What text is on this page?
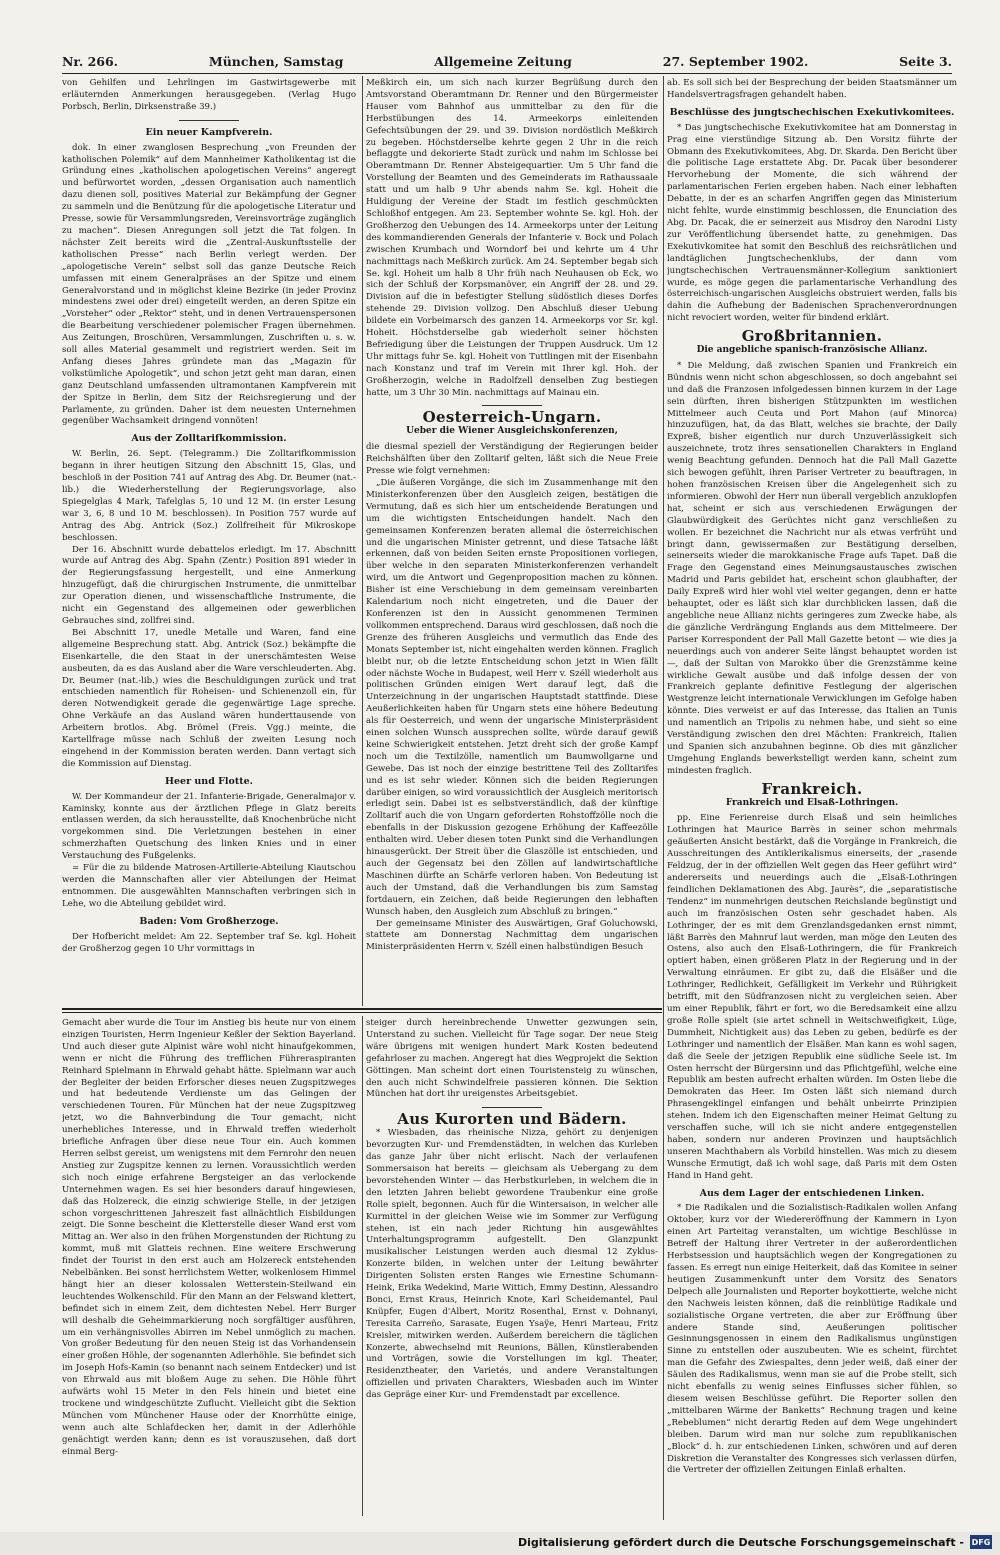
Nr. 266.	München, Samstag	Allgemeine Zeitung	27. September 1902.	Seite 3.

von Gehilfen und Lehrlingen im Gastwirtsgewerbe mit erläuternden Anmerkungen herausgegeben. (Verlag Hugo Porbsch, Berlin, Dirksenstraße 39.)

Ein neuer Kampfverein.

dok. In einer zwanglosen Besprechung „von Freunden der katholischen Polemik“ auf dem Mannheimer Katholikentag ist die Gründung eines „katholischen apologetischen Vereins“ angeregt und befürwortet worden, „dessen Organisation auch namentlich dazu dienen soll, positives Material zur Bekämpfung der Gegner zu sammeln und die Benützung für die apologetische Literatur und Presse, sowie für Versammlungsreden, Vereinsvorträge zugänglich zu machen“. Diesen Anregungen soll jetzt die Tat folgen. In nächster Zeit bereits wird die „Zentral-Auskunftsstelle der katholischen Presse“ nach Berlin verlegt werden. Der „apologetische Verein“ selbst soll das ganze Deutsche Reich umfassen mit einem Generalpräses an der Spitze und einem Generalvorstand und in möglichst kleine Bezirke (in jeder Provinz mindestens zwei oder drei) eingeteilt werden, an deren Spitze ein „Vorsteher“ oder „Rektor“ steht, und in denen Vertrauenspersonen die Bearbeitung verschiedener polemischer Fragen übernehmen. Aus Zeitungen, Broschüren, Versammlungen, Zuschriften u. s. w. soll alles Material gesammelt und registriert werden. Seit im Anfang dieses Jahres gründete man das „Magazin für volkstümliche Apologetik“, und schon jetzt geht man daran, einen ganz Deutschland umfassenden ultramontanen Kampfverein mit der Spitze in Berlin, dem Sitz der Reichsregierung und der Parlamente, zu gründen. Daher ist dem neuesten Unternehmen gegenüber Wachsamkeit dringend vonnöten!

Aus der Zolltarifkommission.

W. Berlin, 26. Sept. (Telegramm.) Die Zolltarifkommission begann in ihrer heutigen Sitzung den Abschnitt 15, Glas, und beschloß in der Position 741 auf Antrag des Abg. Dr. Beumer (nat.-lib.) die Wiederherstellung der Regierungsvorlage, also Spiegelglas 4 Mark, Tafelglas 5, 10 und 12 M. (in erster Lesung war 3, 6, 8 und 10 M. beschlossen). In Position 757 wurde auf Antrag des Abg. Antrick (Soz.) Zollfreiheit für Mikroskope beschlossen.

Der 16. Abschnitt wurde debattelos erledigt. Im 17. Abschnitt wurde auf Antrag des Abg. Spahn (Zentr.) Position 891 wieder in der Regierungsfassung hergestellt, und eine Anmerkung hinzugefügt, daß die chirurgischen Instrumente, die unmittelbar zur Operation dienen, und wissenschaftliche Instrumente, die nicht ein Gegenstand des allgemeinen oder gewerblichen Gebrauches sind, zollfrei sind.

Bei Abschnitt 17, unedle Metalle und Waren, fand eine allgemeine Besprechung statt. Abg. Antrick (Soz.) bekämpfte die Eisenkartelle, die den Staat in der unerschämtesten Weise ausbeuten, da es das Ausland aber die Ware verschleuderten. Abg. Dr. Beumer (nat.-lib.) wies die Beschuldigungen zurück und trat entschieden namentlich für Roheisen- und Schienenzoll ein, für deren Notwendigkeit gerade die gegenwärtige Lage spreche. Ohne Verkäufe an das Ausland wären hunderttausende von Arbeitern brotlos. Abg. Brömel (Freis. Vgg.) meinte, die Kartellfrage müsse nach Schluß der zweiten Lesung noch eingehend in der Kommission beraten werden. Dann vertagt sich die Kommission auf Dienstag.

Heer und Flotte.

W. Der Kommandeur der 21. Infanterie-Brigade, Generalmajor v. Kaminsky, konnte aus der ärztlichen Pflege in Glatz bereits entlassen werden, da sich herausstellte, daß Knochenbrüche nicht vorgekommen sind. Die Verletzungen bestehen in einer schmerzhaften Quetschung des linken Knies und in einer Verstauchung des Fußgelenks.

= Für die zu bildende Matrosen-Artillerie-Abteilung Kiautschou werden die Mannschaften aller vier Abteilungen der Heimat entnommen. Die ausgewählten Mannschaften verbringen sich in Lehe, wo die Abteilung gebildet wird.

Baden: Vom Großherzoge.

Der Hofbericht meldet: Am 22. September traf Se. kgl. Hoheit der Großherzog gegen 10 Uhr vormittags in

Meßkirch ein, um sich nach kurzer Begrüßung durch den Amtsvorstand Oberamtmann Dr. Renner und den Bürgermeister Hauser vom Bahnhof aus unmittelbar zu den für die Herbstübungen des 14. Armeekorps einleitenden Gefechtsübungen der 29. und 39. Division nordöstlich Meßkirch zu begeben. Höchstderselbe kehrte gegen 2 Uhr in die reich beflaggte und dekorierte Stadt zurück und nahm im Schlosse bei Oberamtmann Dr. Renner Absteigequartier. Um 5 Uhr fand die Vorstellung der Beamten und des Gemeinderats im Rathaussaale statt und um halb 9 Uhr abends nahm Se. kgl. Hoheit die Huldigung der Vereine der Stadt im festlich geschmückten Schloßhof entgegen. Am 23. September wohnte Se. kgl. Hoh. der Großherzog den Uebungen des 14. Armeekorps unter der Leitung des kommandierenden Generals der Infanterie v. Bock und Polach zwischen Krumbach und Worndorf bei und kehrte um 4 Uhr nachmittags nach Meßkirch zurück. Am 24. September begab sich Se. kgl. Hoheit um halb 8 Uhr früh nach Neuhausen ob Eck, wo sich der Schluß der Korpsmanöver, ein Angriff der 28. und 29. Division auf die in befestigter Stellung südöstlich dieses Dorfes stehende 29. Division vollzog. Den Abschluß dieser Uebung bildete ein Vorbeimarsch des ganzen 14. Armeekorps vor Sr. kgl. Hoheit. Höchstderselbe gab wiederholt seiner höchsten Befriedigung über die Leistungen der Truppen Ausdruck. Um 12 Uhr mittags fuhr Se. kgl. Hoheit von Tuttlingen mit der Eisenbahn nach Konstanz und traf im Verein mit Ihrer kgl. Hoh. der Großherzogin, welche in Radolfzell denselben Zug bestiegen hatte, um 3 Uhr 30 Min. nachmittags auf Mainau ein.

Oesterreich-Ungarn.
Ueber die Wiener Ausgleichskonferenzen,

die diesmal speziell der Verständigung der Regierungen beider Reichshälften über den Zolltarif gelten, läßt sich die Neue Freie Presse wie folgt vernehmen:

„Die äußeren Vorgänge, die sich im Zusammenhange mit den Ministerkonferenzen über den Ausgleich zeigen, bestätigen die Vermutung, daß es sich hier um entscheidende Beratungen und um die wichtigsten Entscheidungen handelt. Nach den gemeinsamen Konferenzen beraten allemal die österreichischen und die ungarischen Minister getrennt, und diese Tatsache läßt erkennen, daß von beiden Seiten ernste Propositionen vorliegen, über welche in den separaten Ministerkonferenzen verhandelt wird, um die Antwort und Gegenproposition machen zu können. Bisher ist eine Verschiebung in dem gemeinsam vereinbarten Kalendarium noch nicht eingetreten, und die Dauer der Konferenzen ist den in Aussicht genommenen Terminen vollkommen entsprechend. Daraus wird geschlossen, daß noch die Grenze des früheren Ausgleichs und vermutlich das Ende des Monats September ist, nicht eingehalten werden können. Fraglich bleibt nur, ob die letzte Entscheidung schon jetzt in Wien fällt oder nächste Woche in Budapest, weil Herr v. Széll wiederholt aus politischen Gründen einigen Wert darauf legt, daß die Unterzeichnung in der ungarischen Hauptstadt stattfinde. Diese Aeußerlichkeiten haben für Ungarn stets eine höhere Bedeutung als für Oesterreich, und wenn der ungarische Ministerpräsident einen solchen Wunsch aussprechen sollte, würde darauf gewiß keine Schwierigkeit entstehen. Jetzt dreht sich der große Kampf noch um die Textilzölle, namentlich um Baumwollgarne und Gewebe. Das ist noch der einzige bestrittene Teil des Zolltarifes und es ist sehr wieder. Können sich die beiden Regierungen darüber einigen, so wird voraussichtlich der Ausgleich meritorisch erledigt sein. Dabei ist es selbstverständlich, daß der künftige Zolltarif auch die von Ungarn geforderten Rohstoffzölle noch die ebenfalls in der Diskussion gezogene Erhöhung der Kaffeezölle enthalten wird. Ueber diesen toten Punkt sind die Verhandlungen hinausgerückt. Der Streit über die Glaszölle ist entschieden, und auch der Gegensatz bei den Zöllen auf landwirtschaftliche Maschinen dürfte an Schärfe verloren haben. Von Bedeutung ist auch der Umstand, daß die Verhandlungen bis zum Samstag fortdauern, ein Zeichen, daß beide Regierungen den lebhaften Wunsch haben, den Ausgleich zum Abschluß zu bringen.“

Der gemeinsame Minister des Auswärtigen, Graf Goluchowski, stattete am Donnerstag Nachmittag dem ungarischen Ministerpräsidenten Herrn v. Széll einen halbstündigen Besuch

ab. Es soll sich bei der Besprechung der beiden Staatsmänner um Handelsvertragsfragen gehandelt haben.

Beschlüsse des jungtschechischen Exekutivkomitees.

* Das jungtschechische Exekutivkomitee hat am Donnerstag in Prag eine vierstündige Sitzung ab. Den Vorsitz führte der Obmann des Exekutivkomitees, Abg. Dr. Skarda. Den Bericht über die politische Lage erstattete Abg. Dr. Pacak über besonderer Hervorhebung der Momente, die sich während der parlamentarischen Ferien ergeben haben. Nach einer lebhaften Debatte, in der es an scharfen Angriffen gegen das Ministerium nicht fehlte, wurde einstimmig beschlossen, die Enunciation des Abg. Dr. Pacak, die er seinerzeit aus Misdroy den Narodni Listy zur Veröffentlichung übersendet hatte, zu genehmigen. Das Exekutivkomitee hat somit den Beschluß des reichsrätlichen und landtäglichen Jungtschechenklubs, der dann vom jungtschechischen Vertrauensmänner-Kollegium sanktioniert wurde, es möge gegen die parlamentarische Verhandlung des österreichisch-ungarischen Ausgleichs obstruiert werden, falls bis dahin die Aufhebung der Badenischen Sprachenverordnungen nicht revociert worden, weiter für bindend erklärt.

Großbritannien.
Die angebliche spanisch-französische Allianz.

* Die Meldung, daß zwischen Spanien und Frankreich ein Bündnis wenn nicht schon abgeschlossen, so doch angebahnt sei und daß die Franzosen infolgedessen binnen kurzem in der Lage sein dürften, ihren bisherigen Stützpunkten im westlichen Mittelmeer auch Ceuta und Port Mahon (auf Minorca) hinzuzufügen, hat, da das Blatt, welches sie brachte, der Daily Expreß, bisher eigentlich nur durch Unzuverlässigkeit sich auszeichnete, trotz ihres sensationellen Charakters in England wenig Beachtung gefunden. Dennoch hat die Pall Mall Gazette sich bewogen gefühlt, ihren Pariser Vertreter zu beauftragen, in hohen französischen Kreisen über die Angelegenheit sich zu informieren. Obwohl der Herr nun überall vergeblich anzuklopfen hat, scheint er sich aus verschiedenen Erwägungen der Glaubwürdigkeit des Gerüchtes nicht ganz verschließen zu wollen. Er bezeichnet die Nachricht nur als etwas verfrüht und bringt dann, gewissermaßen zur Bestätigung derselben, seinerseits wieder die marokkanische Frage aufs Tapet. Daß die Frage den Gegenstand eines Meinungsaustausches zwischen Madrid und Paris gebildet hat, erscheint schon glaubhafter, der Daily Expreß wird hier wohl viel weiter gegangen, denn er hatte behauptet, oder es läßt sich klar durchblicken lassen, daß die angebliche neue Allianz nichts geringeres zum Zwecke habe, als die gänzliche Verdrängung Englands aus dem Mittelmeere. Der Pariser Korrespondent der Pall Mall Gazette betont — wie dies ja neuerdings auch von anderer Seite längst behauptet worden ist —, daß der Sultan von Marokko über die Grenzstämme keine wirkliche Gewalt ausübe und daß infolge dessen der von Frankreich geplante definitive Festlegung der algerischen Westgrenze leicht internationale Verwicklungen im Gefolge haben könnte. Dies verweist er auf das Interesse, das Italien an Tunis und namentlich an Tripolis zu nehmen habe, und sieht so eine Verständigung zwischen den drei Mächten: Frankreich, Italien und Spanien sich anzubahnen beginne. Ob dies mit gänzlicher Umgehung Englands bewerkstelligt werden kann, scheint zum mindesten fraglich.

Frankreich.
Frankreich und Elsaß-Lothringen.

pp. Eine Ferienreise durch Elsaß und sein heimliches Lothringen hat Maurice Barrès in seiner schon mehrmals geäußerten Ansicht bestärkt, daß die Vorgänge in Frankreich, die Ausschreitungen des Antiklerikalismus einerseits, der „rasende Feldzug, der in der offiziellen Welt gegen das Heer geführt wird“ andererseits und neuerdings auch die „Elsaß-Lothringen feindlichen Deklamationen des Abg. Jaurès“, die „separatistische Tendenz“ im nunmehrigen deutschen Reichslande begünstigt und auch im französischen Osten sehr geschadet haben. Als Lothringer, der es mit dem Grenzlandsgedanken ernst nimmt, läßt Barrès den Mahnruf laut werden, man möge den Leuten des Ostens, also auch den Elsaß-Lothringern, die für Frankreich optiert haben, einen größeren Platz in der Regierung und in der Verwaltung einräumen. Er gibt zu, daß die Elsäßer und die Lothringer, Redlichkeit, Gefälligkeit im Verkehr und Rührigkeit betrifft, mit den Südfranzosen nicht zu vergleichen seien. Aber um einer Republik, fährt er fort, wo die Beredsamkeit eine allzu große Rolle spielt (sie artet schnell in Weitschweifigkeit, Lüge, Dummheit, Nichtigkeit aus) das Leben zu geben, bedürfe es der Lothringer und namentlich der Elsäßer. Man kann es wohl sagen, daß die Seele der jetzigen Republik eine südliche Seele ist. Im Osten herrscht der Bürgersinn und das Pflichtgefühl, welche eine Republik am besten aufrecht erhalten würden. Im Osten liebe die Demokraten das Heer. Im Osten läßt sich niemand durch Phrasengeklingel einfangen und behält unbeirrte Prinzipien stehen. Indem ich den Eigenschaften meiner Heimat Geltung zu verschaffen suche, will ich sie nicht andere entgegenstellen haben, sondern nur anderen Provinzen und hauptsächlich unseren Machthabern als Vorbild hinstellen. Was mich zu diesem Wunsche Ermutigt, daß ich wohl sage, daß Paris mit dem Osten Hand in Hand geht.

Aus dem Lager der entschiedenen Linken.

* Die Radikalen und die Sozialistisch-Radikalen wollen Anfang Oktober, kurz vor der Wiedereröffnung der Kammern in Lyon einen Art Parteitag veranstalten, um wichtige Beschlüsse in Betreff der Haltung ihrer Vertreter in der außerordentlichen Herbstsession und hauptsächlich wegen der Kongregationen zu fassen. Es erregt nun einige Heiterkeit, daß das Komitee in seiner heutigen Zusammenkunft unter dem Vorsitz des Senators Delpech alle Journalisten und Reporter boykottierte, welche nicht den Nachweis leisten können, daß die reinblütige Radikale und sozialistische Organe vertreten, die aber zur Eröffnung über andere Stande sind, Aeußerungen politischer Gesinnungsgenossen in einem den Radikalismus ungünstigen Sinne zu entstellen oder auszubeuten. Wie es scheint, fürchtet man die Gefahr des Zwiespaltes, denn jeder weiß, daß einer der Säulen des Radikalismus, wenn man sie auf die Probe stellt, sich nicht ebenfalls zu wenig seines Einflusses sicher fühlen, so diesem weisen Beschlüsse geführt. Die Reporter sollen den „mittelbaren Wärme der Banketts“ Rechnung tragen und keine „Rebeblumen“ nicht derartig Reden auf dem Wege ungehindert bleiben. Darum wird man nur solche zum republikanischen „Block“ d. h. zur entschiedenen Linken, schwören und auf deren Diskretion die Veranstalter des Kongresses sich verlassen dürfen, die Vertreter der offiziellen Zeitungen Einlaß erhalten.

Gemacht aber wurde die Tour im Anstieg bis heute nur von einem einzigen Touristen, Herrn Ingenieur Keßler der Sektion Bayerland. Und auch dieser gute Alpinist wäre wohl nicht hinaufgekommen, wenn er nicht die Führung des trefflichen Führeraspiranten Reinhard Spielmann in Ehrwald gehabt hätte. Spielmann war auch der Begleiter der beiden Erforscher dieses neuen Zugspitzweges und hat bedeutende Verdienste um das Gelingen der verschiedenen Touren. Für München hat der neue Zugspitzweg jetzt, wo die Bahnverbindung die Tour gemacht, nicht unerhebliches Interesse, und in Ehrwald treffen wiederholt briefliche Anfragen über diese neue Tour ein. Auch kommen Herren selbst gereist, um wenigstens mit dem Fernrohr den neuen Anstieg zur Zugspitze kennen zu lernen. Voraussichtlich werden sich noch einige erfahrene Bergsteiger an das verlockende Unternehmen wagen. Es sei hier besonders darauf hingewiesen, daß das Holzereck, die einzig schwierige Stelle, in der jetzigen schon vorgeschrittenen Jahreszeit fast allnächtlich Eisbildungen zeigt. Die Sonne bescheint die Kletterstelle dieser Wand erst vom Mittag an. Wer also in den frühen Morgenstunden der Richtung zu kommt, muß mit Glatteis rechnen. Eine weitere Erschwerung findet der Tourist in den erst auch am Holzereck entstehenden Nebelbänken. Bei sonst herrlichstem Wetter, wolkenlosem Himmel hängt hier an dieser kolossalen Wetterstein-Steilwand ein leuchtendes Wolkenschild. Für den Mann an der Felswand klettert, befindet sich in einem Zeit, dem dichtesten Nebel. Herr Burger will deshalb die Geheimmarkierung noch sorgfältiger ausführen, um ein verhängnisvolles Abirren im Nebel unmöglich zu machen. Von großer Bedeutung für den neuen Steig ist das Vorhandensein einer großen Höhle, der sogenannten Adlerhöhle. Sie befindet sich im Joseph Hofs-Kamin (so benannt nach seinem Entdecker) und ist von Ehrwald aus mit bloßem Auge zu sehen. Die Höhle führt aufwärts wohl 15 Meter in den Fels hinein und bietet eine trockene und windgeschützte Zuflucht. Vielleicht gibt die Sektion München vom Münchener Hause oder der Knorrhütte einige, wenn auch alte Schlafdecken her, damit in der Adlerhöhle genächtigt werden kann; denn es ist vorauszusehen, daß dort einmal Berg-

steiger durch hereinbrechende Unwetter gezwungen sein, Unterstand zu suchen. Vielleicht für Tage sogar. Der neue Steig wäre übrigens mit wenigen hundert Mark Kosten bedeutend gefahrloser zu machen. Angeregt hat dies Wegprojekt die Sektion Göttingen. Man scheint dort einen Touristensteig zu wünschen, den auch nicht Schwindelfreie passieren können. Die Sektion München hat dort ihr ureigenstes Arbeitsgebiet.

Aus Kurorten und Bädern.

* Wiesbaden, das rheinische Nizza, gehört zu denjenigen bevorzugten Kur- und Fremdenstädten, in welchen das Kurleben das ganze Jahr über nicht erlischt. Nach der verlaufenen Sommersaison hat bereits — gleichsam als Uebergang zu dem bevorstehenden Winter — das Herbstkurleben, in welchem die in den letzten Jahren beliebt gewordene Traubenkur eine große Rolle spielt, begonnen. Auch für die Wintersaison, in welcher alle Kurmittel in der gleichen Weise wie im Sommer zur Verfügung stehen, ist ein nach jeder Richtung hin ausgewähltes Unterhaltungsprogramm aufgestellt. Den Glanzpunkt musikalischer Leistungen werden auch diesmal 12 Zyklus-Konzerte bilden, in welchen unter der Leitung bewährter Dirigenten Solisten ersten Ranges wie Ernestine Schumann-Heink, Erika Wedekind, Marie Wittich, Emmy Destinn, Alessandro Bonci, Ernst Kraus, Heinrich Knote, Karl Scheidemantel, Paul Knüpfer, Eugen d'Albert, Moritz Rosenthal, Ernst v. Dohnanyi, Teresita Carreño, Sarasate, Eugen Ysaÿe, Henri Marteau, Fritz Kreisler, mitwirken werden. Außerdem bereichern die täglichen Konzerte, abwechselnd mit Reunions, Bällen, Künstlerabenden und Vorträgen, sowie die Vorstellungen im kgl. Theater, Residenztheater, den Varietés, und andere Veranstaltungen offiziellen und privaten Charakters, Wiesbaden auch im Winter das Gepräge einer Kur- und Fremdenstadt par excellence.

Digitalisierung gefördert durch die Deutsche Forschungsgemeinschaft - DFG
